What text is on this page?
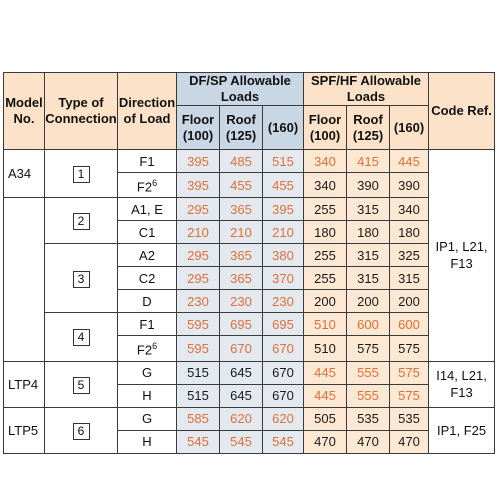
Model No.	Type of Connection	Direction of Load	DF/SP Allowable Loads			SPF/HF Allowable Loads			Code Ref.
			Floor (100)	Roof (125)	(160)	Floor (100)	Roof (125)	(160)	
A34	1	F1	395	485	515	340	415	445	IP1, L21, F13
		$F2^6$	395	455	455	340	390	390	
	2	A1, E	295	365	395	255	315	340	
		C1	210	210	210	180	180	180	
	3	A2	295	365	380	255	315	325	
		C2	295	365	370	255	315	315	
		D	230	230	230	200	200	200	
	4	F1	595	695	695	510	600	600	
		$F2^6$	595	670	670	510	575	575	
LTP4	5	G	515	645	670	445	555	575	I14, L21, F13
		H	515	645	670	445	555	575	
LTP5	6	G	585	620	620	505	535	535	IP1, F25
		H	545	545	545	470	470	470	
